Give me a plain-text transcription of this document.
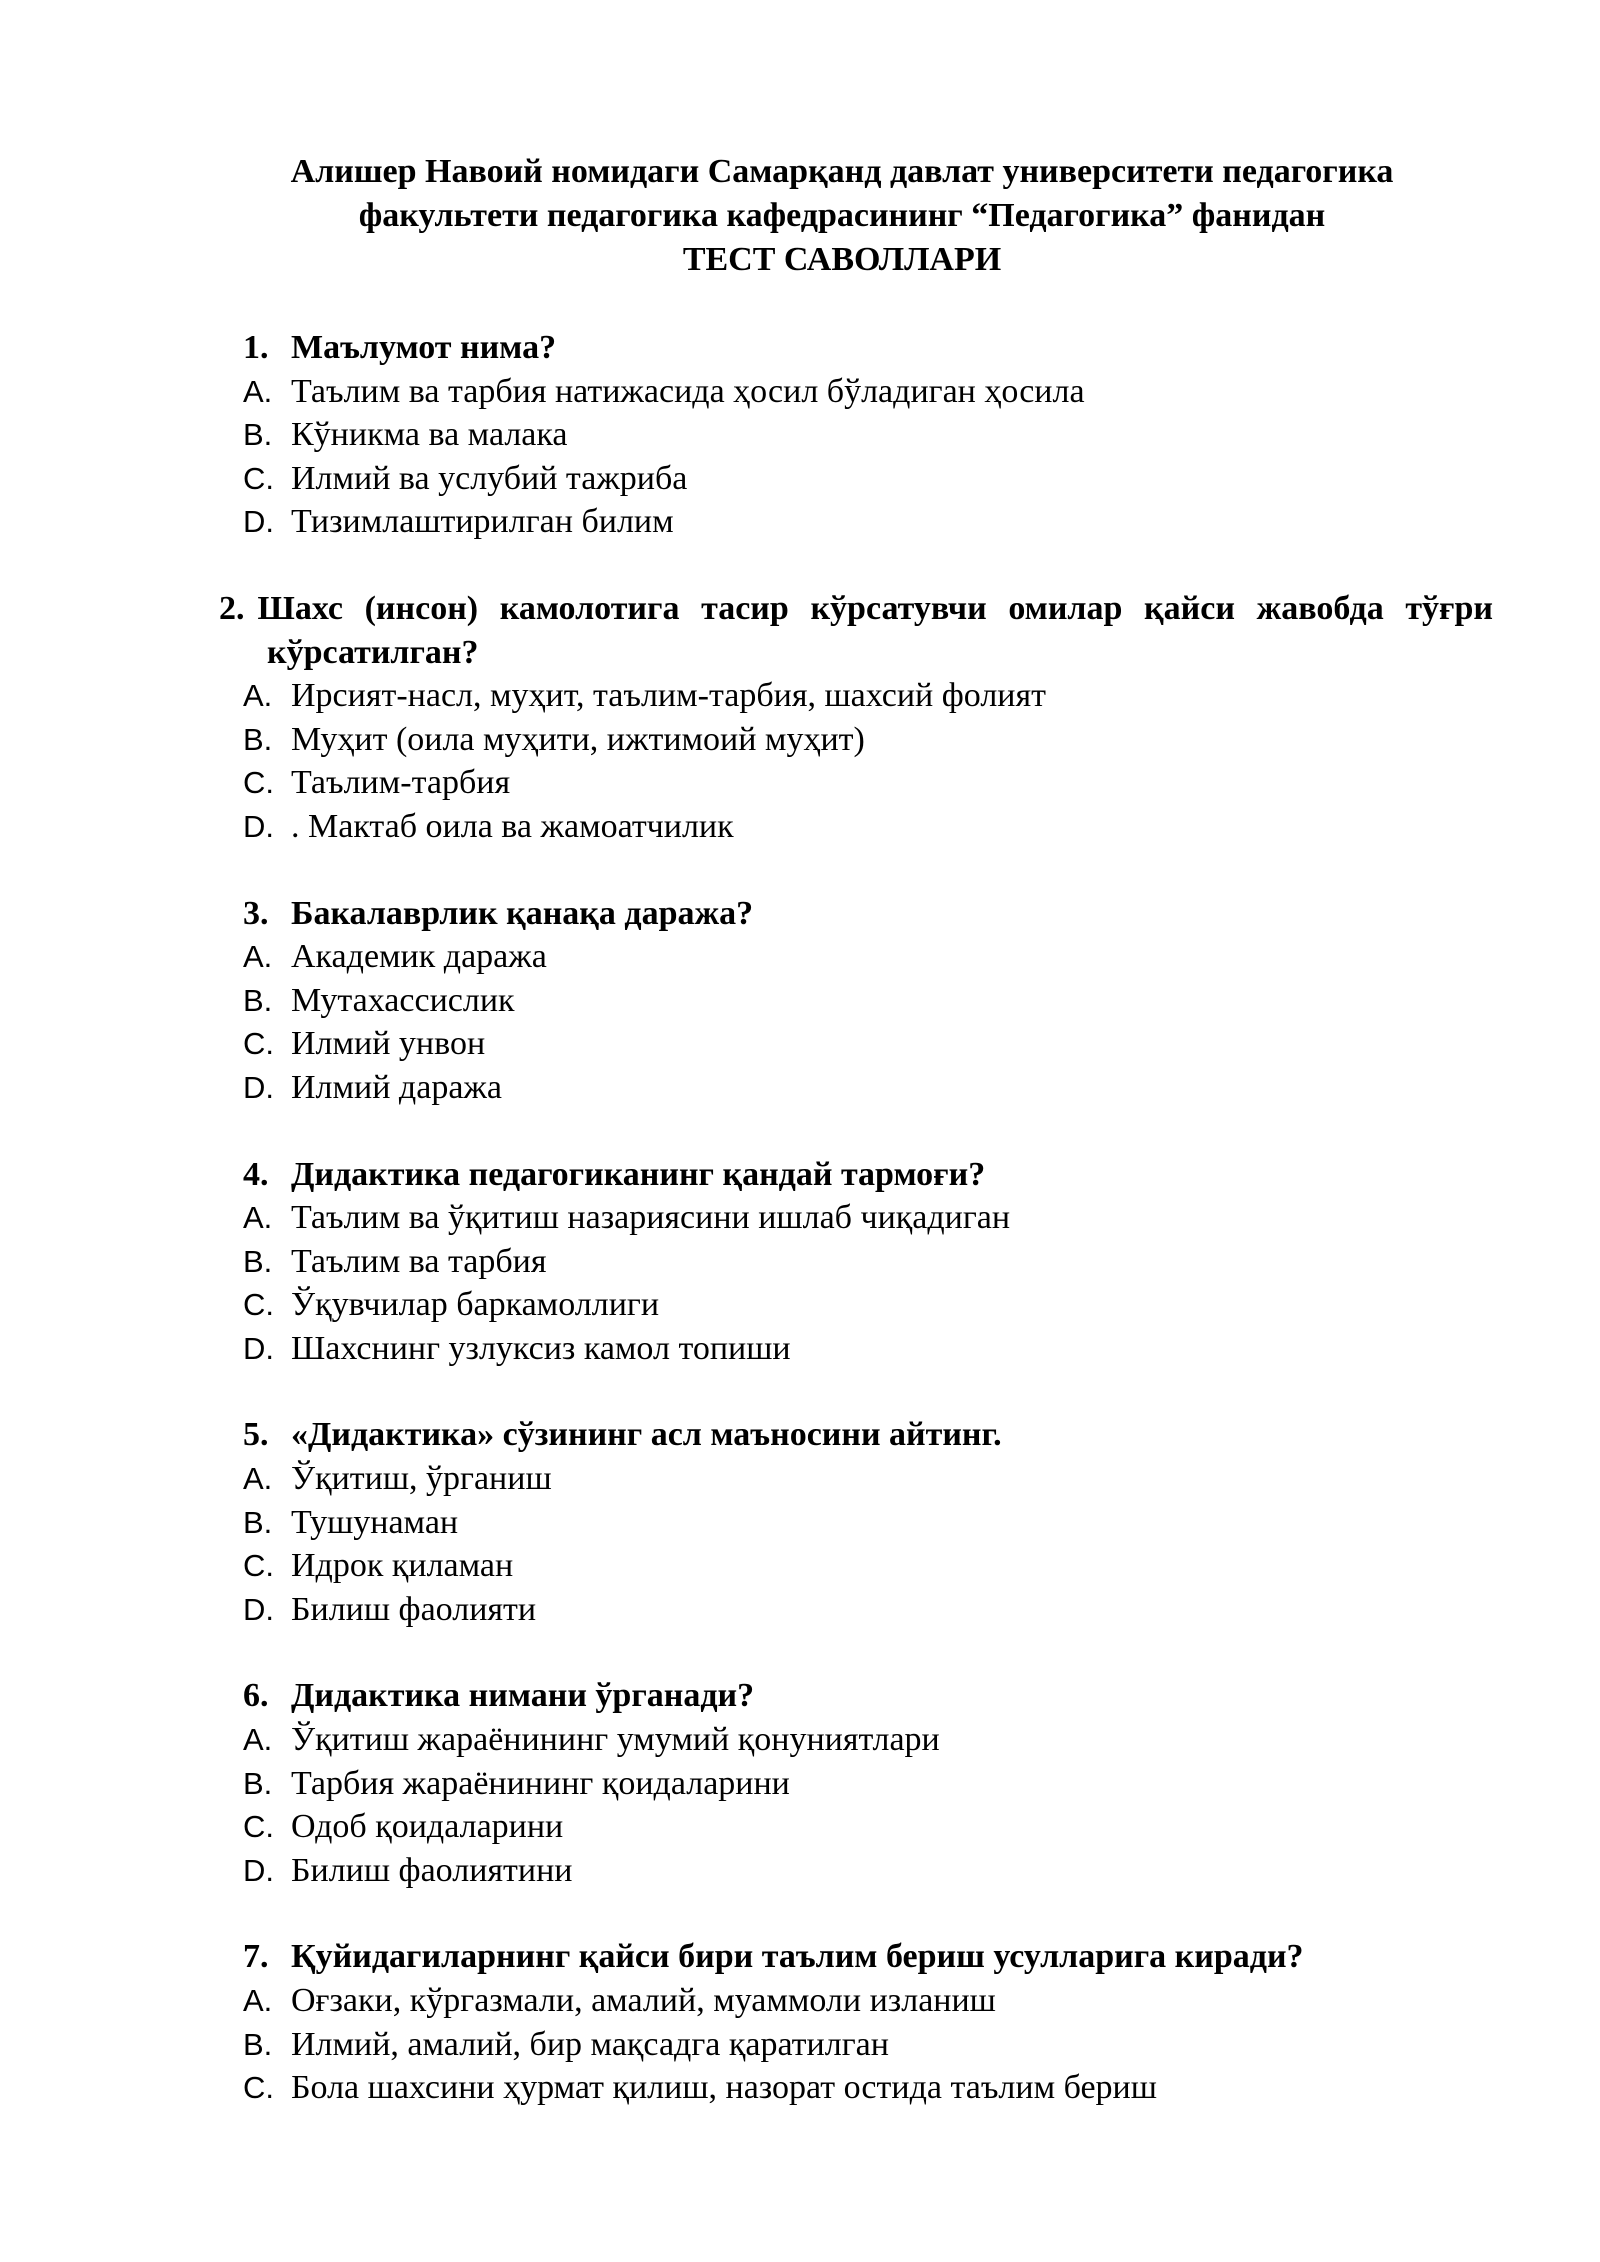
Алишер Навоий номидаги Самарқанд давлат университети педагогика
факультети педагогика кафедрасининг “Педагогика” фанидан
ТЕСТ САВОЛЛАРИ
1. Маълумот нима?
A. Таълим ва тарбия натижасида ҳосил бўладиган ҳосила
B. Кўникма ва малака
C. Илмий ва услубий тажриба
D. Тизимлаштирилган билим
2. Шахс (инсон) камолотига тасир кўрсатувчи омилар қайси жавобда тўғри кўрсатилган?
A. Ирсият-насл, муҳит, таълим-тарбия, шахсий фолият
B. Муҳит (оила муҳити, ижтимоий муҳит)
C. Таълим-тарбия
D. . Мактаб оила ва жамоатчилик
3. Бакалаврлик қанақа даража?
A. Академик даража
B. Мутахассислик
C. Илмий унвон
D. Илмий даража
4. Дидактика педагогиканинг қандай тармоғи?
A. Таълим ва ўқитиш назариясини ишлаб чиқадиган
B. Таълим ва тарбия
C. Ўқувчилар баркамоллиги
D. Шахснинг узлуксиз камол топиши
5. «Дидактика» сўзининг асл маъносини айтинг.
A. Ўқитиш, ўрганиш
B. Тушунаман
C. Идрок қиламан
D. Билиш фаолияти
6. Дидактика нимани ўрганади?
A. Ўқитиш жараёнининг умумий қонуниятлари
B. Тарбия жараёнининг қоидаларини
C. Одоб қоидаларини
D. Билиш фаолиятини
7. Қуйидагиларнинг қайси бири таълим бериш усулларига киради?
A. Оғзаки, кўргазмали, амалий, муаммоли изланиш
B. Илмий, амалий, бир мақсадга қаратилган
C. Бола шахсини ҳурмат қилиш, назорат остида таълим бериш
